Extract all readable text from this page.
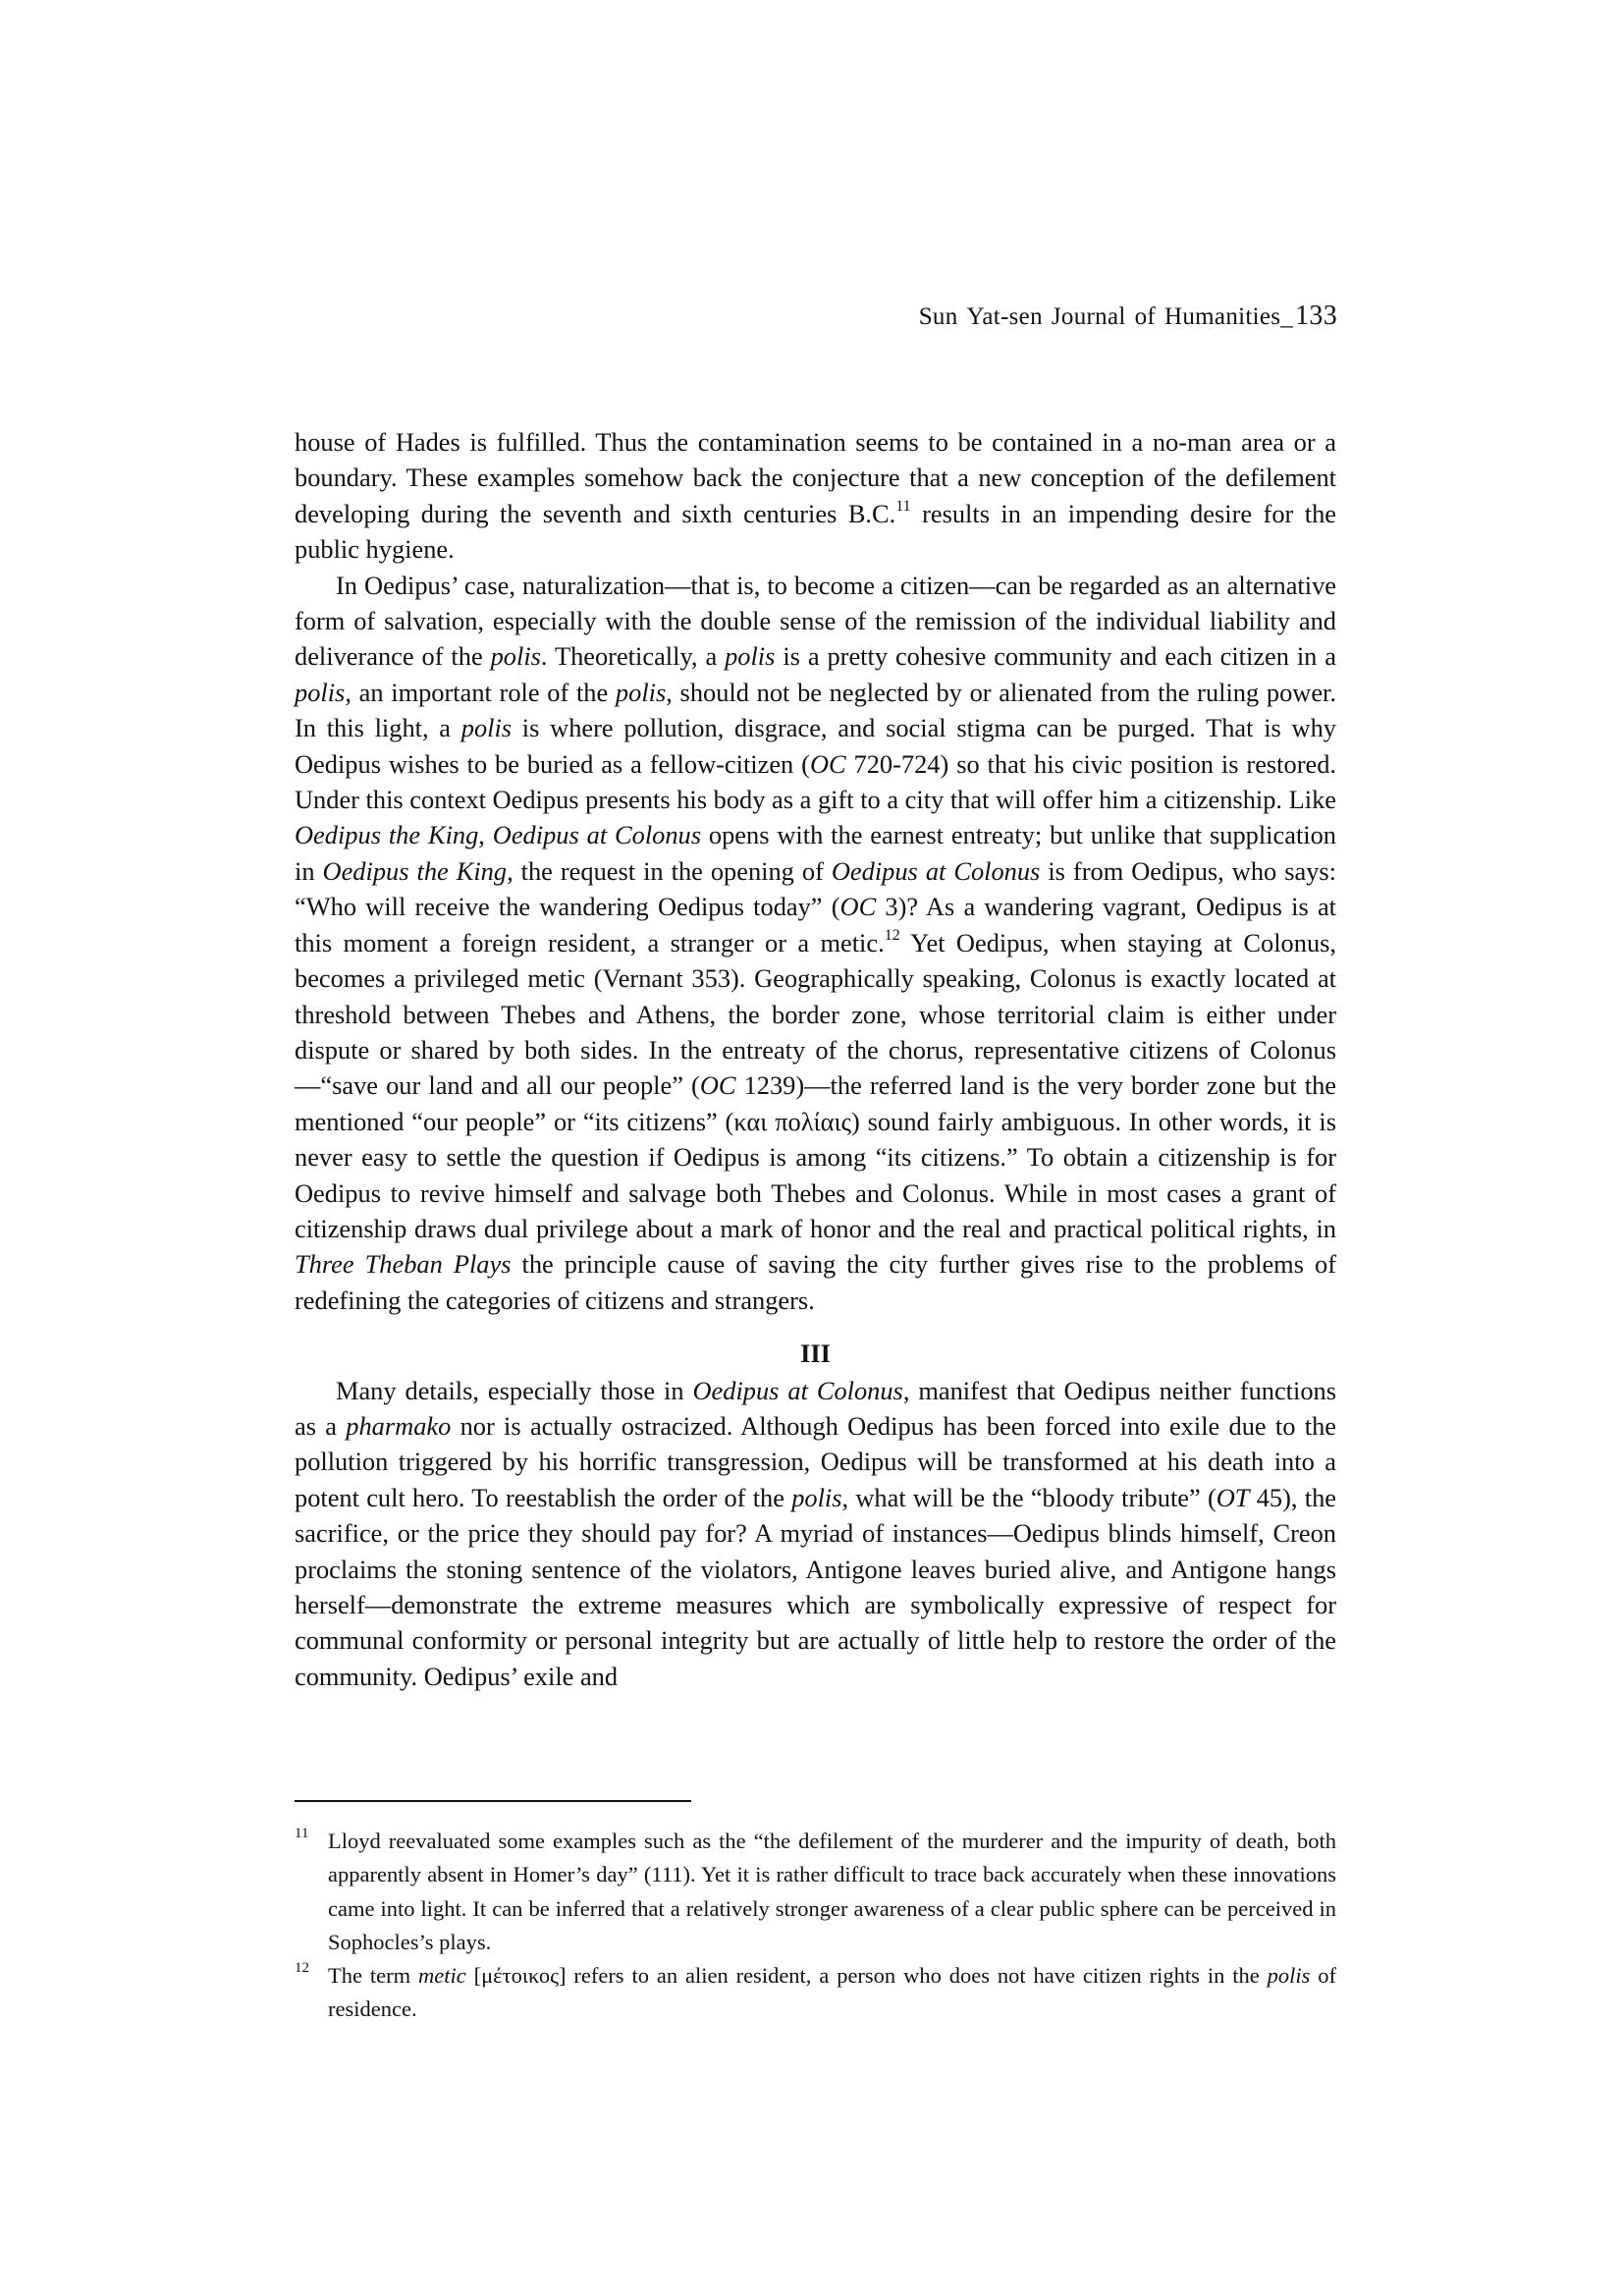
Sun Yat-sen Journal of Humanities_133

house of Hades is fulfilled. Thus the contamination seems to be contained in a no-man area or a boundary. These examples somehow back the conjecture that a new conception of the defilement developing during the seventh and sixth centuries B.C.$^{11}$ results in an impending desire for the public hygiene.

In Oedipus’ case, naturalization—that is, to become a citizen—can be regarded as an alternative form of salvation, especially with the double sense of the remission of the individual liability and deliverance of the polis. Theoretically, a polis is a pretty cohesive community and each citizen in a polis, an important role of the polis, should not be neglected by or alienated from the ruling power. In this light, a polis is where pollution, disgrace, and social stigma can be purged. That is why Oedipus wishes to be buried as a fellow-citizen (OC 720-724) so that his civic position is restored. Under this context Oedipus presents his body as a gift to a city that will offer him a citizenship. Like Oedipus the King, Oedipus at Colonus opens with the earnest entreaty; but unlike that supplication in Oedipus the King, the request in the opening of Oedipus at Colonus is from Oedipus, who says: “Who will receive the wandering Oedipus today” (OC 3)? As a wandering vagrant, Oedipus is at this moment a foreign resident, a stranger or a metic.$^{12}$ Yet Oedipus, when staying at Colonus, becomes a privileged metic (Vernant 353). Geographically speaking, Colonus is exactly located at threshold between Thebes and Athens, the border zone, whose territorial claim is either under dispute or shared by both sides. In the entreaty of the chorus, representative citizens of Colonus—“save our land and all our people” (OC 1239)—the referred land is the very border zone but the mentioned “our people” or “its citizens” (και πολίαις) sound fairly ambiguous. In other words, it is never easy to settle the question if Oedipus is among “its citizens.” To obtain a citizenship is for Oedipus to revive himself and salvage both Thebes and Colonus. While in most cases a grant of citizenship draws dual privilege about a mark of honor and the real and practical political rights, in Three Theban Plays the principle cause of saving the city further gives rise to the problems of redefining the categories of citizens and strangers.

III

Many details, especially those in Oedipus at Colonus, manifest that Oedipus neither functions as a pharmako nor is actually ostracized. Although Oedipus has been forced into exile due to the pollution triggered by his horrific transgression, Oedipus will be transformed at his death into a potent cult hero. To reestablish the order of the polis, what will be the “bloody tribute” (OT 45), the sacrifice, or the price they should pay for? A myriad of instances—Oedipus blinds himself, Creon proclaims the stoning sentence of the violators, Antigone leaves buried alive, and Antigone hangs herself—demonstrate the extreme measures which are symbolically expressive of respect for communal conformity or personal integrity but are actually of little help to restore the order of the community. Oedipus’ exile and

11 Lloyd reevaluated some examples such as the “the defilement of the murderer and the impurity of death, both apparently absent in Homer’s day” (111). Yet it is rather difficult to trace back accurately when these innovations came into light. It can be inferred that a relatively stronger awareness of a clear public sphere can be perceived in Sophocles’s plays.

12 The term metic [μέτοικος] refers to an alien resident, a person who does not have citizen rights in the polis of residence.
